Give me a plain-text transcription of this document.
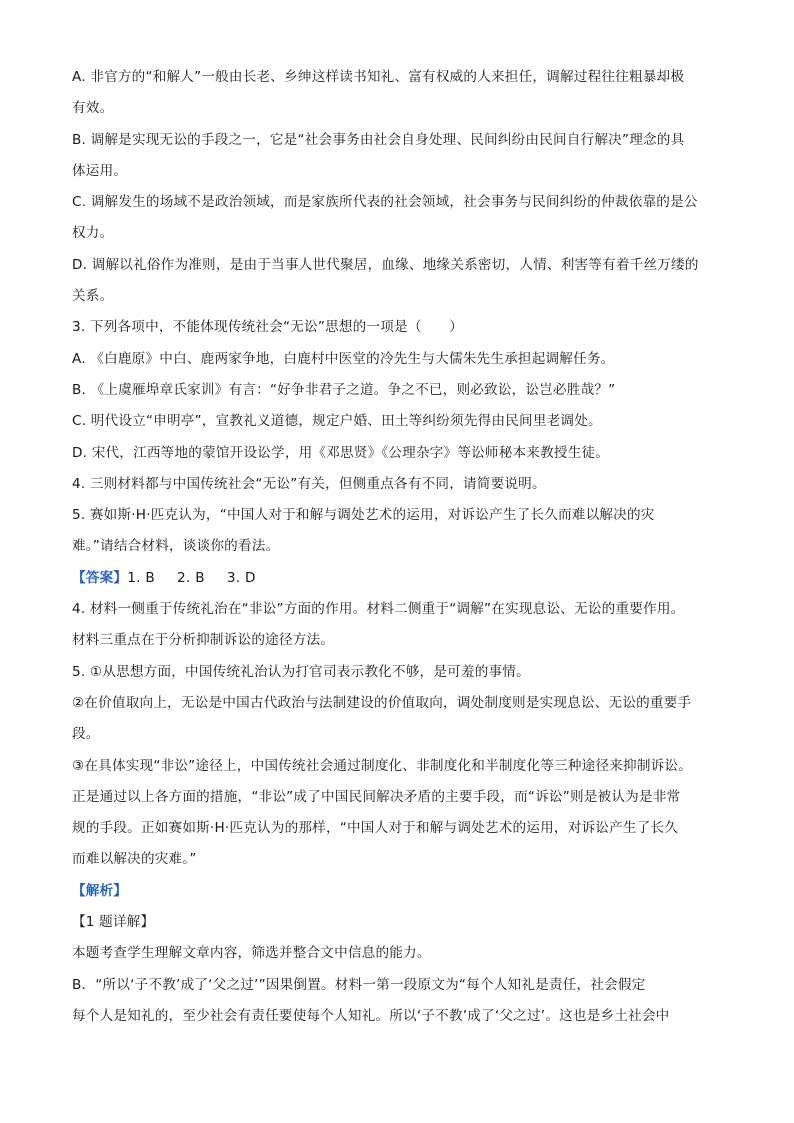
A. 非官方的“和解人”一般由长老、乡绅这样读书知礼、富有权威的人来担任，调解过程往往粗暴却极
有效。
B. 调解是实现无讼的手段之一，它是“社会事务由社会自身处理、民间纠纷由民间自行解决”理念的具
体运用。
C. 调解发生的场域不是政治领域，而是家族所代表的社会领域，社会事务与民间纠纷的仲裁依靠的是公
权力。
D. 调解以礼俗作为准则，是由于当事人世代聚居，血缘、地缘关系密切，人情、利害等有着千丝万缕的
关系。
3. 下列各项中，不能体现传统社会“无讼”思想的一项是（　　）
A. 《白鹿原》中白、鹿两家争地，白鹿村中医堂的冷先生与大儒朱先生承担起调解任务。
B. 《上虞雁埠章氏家训》有言：“好争非君子之道。争之不已，则必致讼，讼岂必胜哉？”
C. 明代设立“申明亭”，宣教礼义道德，规定户婚、田土等纠纷须先得由民间里老调处。
D. 宋代，江西等地的蒙馆开设讼学，用《邓思贤》《公理杂字》等讼师秘本来教授生徒。
4. 三则材料都与中国传统社会“无讼”有关，但侧重点各有不同，请简要说明。
5. 赛如斯·H·匹克认为，“中国人对于和解与调处艺术的运用，对诉讼产生了长久而难以解决的灾
难。”请结合材料，谈谈你的看法。
【答案】1. B 2. B 3. D
4. 材料一侧重于传统礼治在“非讼”方面的作用。材料二侧重于“调解”在实现息讼、无讼的重要作用。
材料三重点在于分析抑制诉讼的途径方法。
5. ①从思想方面，中国传统礼治认为打官司表示教化不够，是可羞的事情。
②在价值取向上，无讼是中国古代政治与法制建设的价值取向，调处制度则是实现息讼、无讼的重要手
段。
③在具体实现“非讼”途径上，中国传统社会通过制度化、非制度化和半制度化等三种途径来抑制诉讼。
正是通过以上各方面的措施，“非讼”成了中国民间解决矛盾的主要手段，而“诉讼”则是被认为是非常
规的手段。正如赛如斯·H·匹克认为的那样，“中国人对于和解与调处艺术的运用，对诉讼产生了长久
而难以解决的灾难。”
【解析】
【1 题详解】
本题考查学生理解文章内容，筛选并整合文中信息的能力。
B．“所以‘子不教’成了‘父之过’”因果倒置。材料一第一段原文为“每个人知礼是责任，社会假定
每个人是知礼的，至少社会有责任要使每个人知礼。所以‘子不教’成了‘父之过’。这也是乡土社会中
